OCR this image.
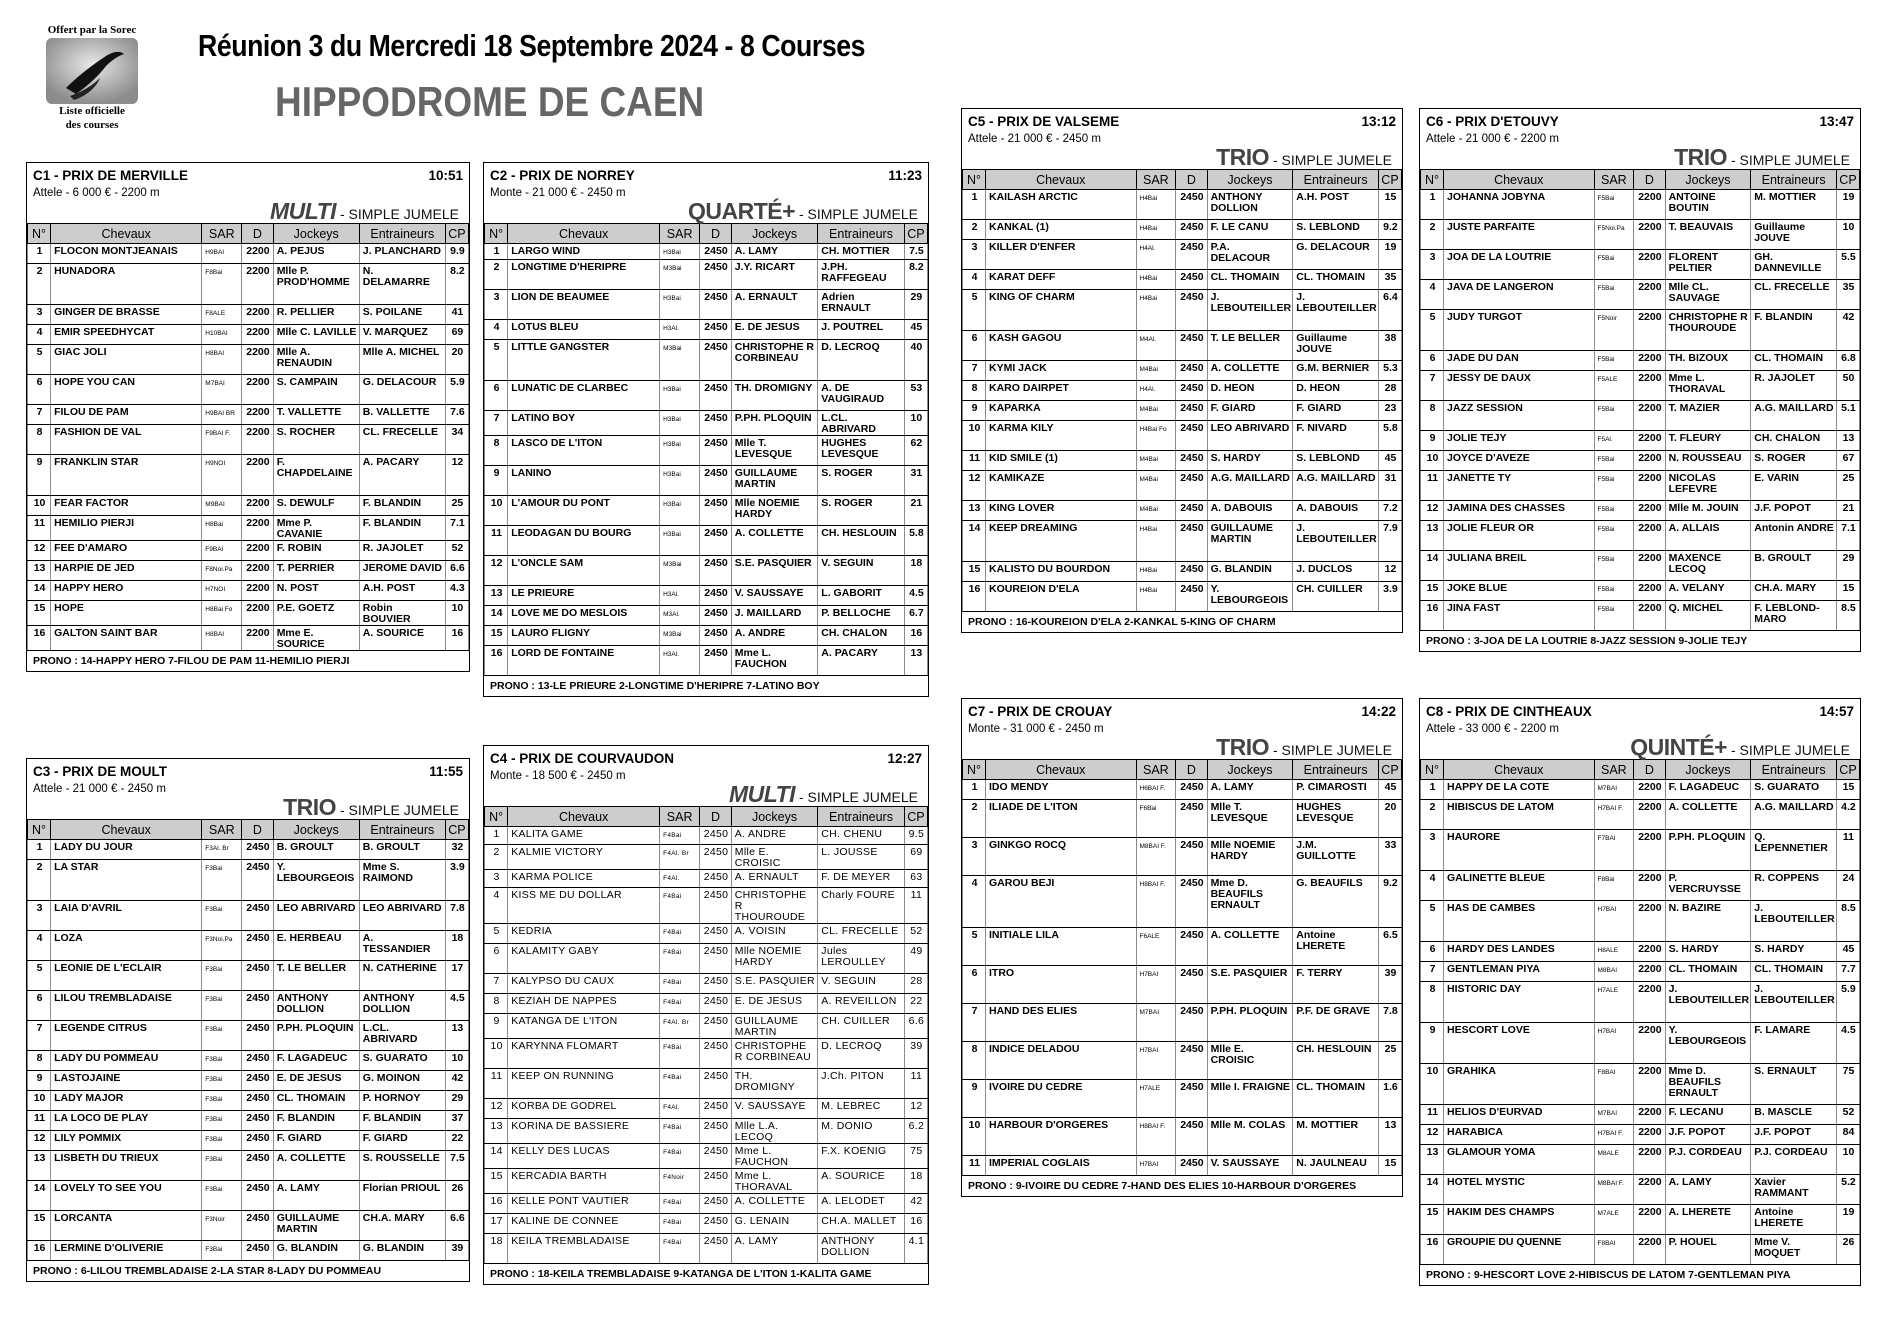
Offert par la Sorec
Liste officielle
des courses
Réunion 3 du Mercredi 18 Septembre 2024 - 8 Courses
HIPPODROME DE CAEN
C1 - PRIX DE MERVILLE	10:51
Attele - 6 000 € - 2200 m
MULTI - SIMPLE JUMELE
N°	Chevaux	SAR	D	Jockeys	Entraineurs	CP
1	FLOCON MONTJEANAIS	H9BAI	2200	A. PEJUS	J. PLANCHARD	9.9
2	HUNADORA	F8Bai	2200	Mlle P. PROD'HOMME	N. DELAMARRE	8.2
3	GINGER DE BRASSE	F8ALE	2200	R. PELLIER	S. POILANE	41
4	EMIR SPEEDHYCAT	H10BAI	2200	Mlle C. LAVILLE	V. MARQUEZ	69
5	GIAC JOLI	H8BAI	2200	Mlle A. RENAUDIN	Mlle A. MICHEL	20
6	HOPE YOU CAN	M7BAI	2200	S. CAMPAIN	G. DELACOUR	5.9
7	FILOU DE PAM	H9BAI BR	2200	T. VALLETTE	B. VALLETTE	7.6
8	FASHION DE VAL	F9BAI F.	2200	S. ROCHER	CL. FRECELLE	34
9	FRANKLIN STAR	H9NOI	2200	F. CHAPDELAINE	A. PACARY	12
10	FEAR FACTOR	M9BAI	2200	S. DEWULF	F. BLANDIN	25
11	HEMILIO PIERJI	H8Bai	2200	Mme P. CAVANIE	F. BLANDIN	7.1
12	FEE D'AMARO	F9BAI	2200	F. ROBIN	R. JAJOLET	52
13	HARPIE DE JED	F8Noi.Pa	2200	T. PERRIER	JEROME DAVID	6.6
14	HAPPY HERO	H7NOI	2200	N. POST	A.H. POST	4.3
15	HOPE	H8Bai Fo	2200	P.E. GOETZ	Robin BOUVIER	10
16	GALTON SAINT BAR	H8BAI	2200	Mme E. SOURICE	A. SOURICE	16
PRONO : 14-HAPPY HERO 7-FILOU DE PAM 11-HEMILIO PIERJI
C2 - PRIX DE NORREY	11:23
Monte - 21 000 € - 2450 m
QUARTÉ+ - SIMPLE JUMELE
N°	Chevaux	SAR	D	Jockeys	Entraineurs	CP
1	LARGO WIND	H3Bai	2450	A. LAMY	CH. MOTTIER	7.5
2	LONGTIME D'HERIPRE	M3Bai	2450	J.Y. RICART	J.PH. RAFFEGEAU	8.2
3	LION DE BEAUMEE	H3Bai	2450	A. ERNAULT	Adrien ERNAULT	29
4	LOTUS BLEU	H3Al.	2450	E. DE JESUS	J. POUTREL	45
5	LITTLE GANGSTER	M3Bai	2450	CHRISTOPHE R CORBINEAU	D. LECROQ	40
6	LUNATIC DE CLARBEC	H3Bai	2450	TH. DROMIGNY	A. DE VAUGIRAUD	53
7	LATINO BOY	H3Bai	2450	P.PH. PLOQUIN	L.CL. ABRIVARD	10
8	LASCO DE L'ITON	H3Bai	2450	Mlle T. LEVESQUE	HUGHES LEVESQUE	62
9	LANINO	H3Bai	2450	GUILLAUME MARTIN	S. ROGER	31
10	L'AMOUR DU PONT	H3Bai	2450	Mlle NOEMIE HARDY	S. ROGER	21
11	LEODAGAN DU BOURG	H3Bai	2450	A. COLLETTE	CH. HESLOUIN	5.8
12	L'ONCLE SAM	M3Bai	2450	S.E. PASQUIER	V. SEGUIN	18
13	LE PRIEURE	H3Al.	2450	V. SAUSSAYE	L. GABORIT	4.5
14	LOVE ME DO MESLOIS	M3Al.	2450	J. MAILLARD	P. BELLOCHE	6.7
15	LAURO FLIGNY	M3Bai	2450	A. ANDRE	CH. CHALON	16
16	LORD DE FONTAINE	H3Al.	2450	Mme L. FAUCHON	A. PACARY	13
PRONO : 13-LE PRIEURE 2-LONGTIME D'HERIPRE 7-LATINO BOY
C3 - PRIX DE MOULT	11:55
Attele - 21 000 € - 2450 m
TRIO - SIMPLE JUMELE
N°	Chevaux	SAR	D	Jockeys	Entraineurs	CP
1	LADY DU JOUR	F3Al. Br	2450	B. GROULT	B. GROULT	32
2	LA STAR	F3Bai	2450	Y. LEBOURGEOIS	Mme S. RAIMOND	3.9
3	LAIA D'AVRIL	F3Bai	2450	LEO ABRIVARD	LEO ABRIVARD	7.8
4	LOZA	F3Noi.Pa	2450	E. HERBEAU	A. TESSANDIER	18
5	LEONIE DE L'ECLAIR	F3Bai	2450	T. LE BELLER	N. CATHERINE	17
6	LILOU TREMBLADAISE	F3Bai	2450	ANTHONY DOLLION	ANTHONY DOLLION	4.5
7	LEGENDE CITRUS	F3Bai	2450	P.PH. PLOQUIN	L.CL. ABRIVARD	13
8	LADY DU POMMEAU	F3Bai	2450	F. LAGADEUC	S. GUARATO	10
9	LASTOJAINE	F3Bai	2450	E. DE JESUS	G. MOINON	42
10	LADY MAJOR	F3Bai	2450	CL. THOMAIN	P. HORNOY	29
11	LA LOCO DE PLAY	F3Bai	2450	F. BLANDIN	F. BLANDIN	37
12	LILY POMMIX	F3Bai	2450	F. GIARD	F. GIARD	22
13	LISBETH DU TRIEUX	F3Bai	2450	A. COLLETTE	S. ROUSSELLE	7.5
14	LOVELY TO SEE YOU	F3Bai	2450	A. LAMY	Florian PRIOUL	26
15	LORCANTA	F3Noir	2450	GUILLAUME MARTIN	CH.A. MARY	6.6
16	LERMINE D'OLIVERIE	F3Bai	2450	G. BLANDIN	G. BLANDIN	39
PRONO : 6-LILOU TREMBLADAISE 2-LA STAR 8-LADY DU POMMEAU
C4 - PRIX DE COURVAUDON	12:27
Monte - 18 500 € - 2450 m
MULTI - SIMPLE JUMELE
N°	Chevaux	SAR	D	Jockeys	Entraineurs	CP
1	KALITA GAME	F4Bai	2450	A. ANDRE	CH. CHENU	9.5
2	KALMIE VICTORY	F4Al. Br	2450	Mlle E. CROISIC	L. JOUSSE	69
3	KARMA POLICE	F4Al.	2450	A. ERNAULT	F. DE MEYER	63
4	KISS ME DU DOLLAR	F4Bai	2450	CHRISTOPHE R THOUROUDE	Charly FOURE	11
5	KEDRIA	F4Bai	2450	A. VOISIN	CL. FRECELLE	52
6	KALAMITY GABY	F4Bai	2450	Mlle NOEMIE HARDY	Jules LEROULLEY	49
7	KALYPSO DU CAUX	F4Bai	2450	S.E. PASQUIER	V. SEGUIN	28
8	KEZIAH DE NAPPES	F4Bai	2450	E. DE JESUS	A. REVEILLON	22
9	KATANGA DE L'ITON	F4Al. Br	2450	GUILLAUME MARTIN	CH. CUILLER	6.6
10	KARYNNA FLOMART	F4Bai	2450	CHRISTOPHE R CORBINEAU	D. LECROQ	39
11	KEEP ON RUNNING	F4Bai	2450	TH. DROMIGNY	J.Ch. PITON	11
12	KORBA DE GODREL	F4Al.	2450	V. SAUSSAYE	M. LEBREC	12
13	KORINA DE BASSIERE	F4Bai	2450	Mlle L.A. LECOQ	M. DONIO	6.2
14	KELLY DES LUCAS	F4Bai	2450	Mme L. FAUCHON	F.X. KOENIG	75
15	KERCADIA BARTH	F4Noir	2450	Mme L. THORAVAL	A. SOURICE	18
16	KELLE PONT VAUTIER	F4Bai	2450	A. COLLETTE	A. LELODET	42
17	KALINE DE CONNEE	F4Bai	2450	G. LENAIN	CH.A. MALLET	16
18	KEILA TREMBLADAISE	F4Bai	2450	A. LAMY	ANTHONY DOLLION	4.1
PRONO : 18-KEILA TREMBLADAISE 9-KATANGA DE L'ITON 1-KALITA GAME
C5 - PRIX DE VALSEME	13:12
Attele - 21 000 € - 2450 m
TRIO - SIMPLE JUMELE
N°	Chevaux	SAR	D	Jockeys	Entraineurs	CP
1	KAILASH ARCTIC	H4Bai	2450	ANTHONY DOLLION	A.H. POST	15
2	KANKAL (1)	H4Bai	2450	F. LE CANU	S. LEBLOND	9.2
3	KILLER D'ENFER	H4Al.	2450	P.A. DELACOUR	G. DELACOUR	19
4	KARAT DEFF	H4Bai	2450	CL. THOMAIN	CL. THOMAIN	35
5	KING OF CHARM	H4Bai	2450	J. LEBOUTEILLER	J. LEBOUTEILLER	6.4
6	KASH GAGOU	M4Al.	2450	T. LE BELLER	Guillaume JOUVE	38
7	KYMI JACK	M4Bai	2450	A. COLLETTE	G.M. BERNIER	5.3
8	KARO DAIRPET	H4Al.	2450	D. HEON	D. HEON	28
9	KAPARKA	M4Bai	2450	F. GIARD	F. GIARD	23
10	KARMA KILY	H4Bai Fo	2450	LEO ABRIVARD	F. NIVARD	5.8
11	KID SMILE (1)	M4Bai	2450	S. HARDY	S. LEBLOND	45
12	KAMIKAZE	M4Bai	2450	A.G. MAILLARD	A.G. MAILLARD	31
13	KING LOVER	M4Bai	2450	A. DABOUIS	A. DABOUIS	7.2
14	KEEP DREAMING	H4Bai	2450	GUILLAUME MARTIN	J. LEBOUTEILLER	7.9
15	KALISTO DU BOURDON	H4Bai	2450	G. BLANDIN	J. DUCLOS	12
16	KOUREION D'ELA	H4Bai	2450	Y. LEBOURGEOIS	CH. CUILLER	3.9
PRONO : 16-KOUREION D'ELA 2-KANKAL 5-KING OF CHARM
C6 - PRIX D'ETOUVY	13:47
Attele - 21 000 € - 2200 m
TRIO - SIMPLE JUMELE
N°	Chevaux	SAR	D	Jockeys	Entraineurs	CP
1	JOHANNA JOBYNA	F5Bai	2200	ANTOINE BOUTIN	M. MOTTIER	19
2	JUSTE PARFAITE	F5Noi.Pa	2200	T. BEAUVAIS	Guillaume JOUVE	10
3	JOA DE LA LOUTRIE	F5Bai	2200	FLORENT PELTIER	GH. DANNEVILLE	5.5
4	JAVA DE LANGERON	F5Bai	2200	Mlle CL. SAUVAGE	CL. FRECELLE	35
5	JUDY TURGOT	F5Noir	2200	CHRISTOPHE R THOUROUDE	F. BLANDIN	42
6	JADE DU DAN	F5Bai	2200	TH. BIZOUX	CL. THOMAIN	6.8
7	JESSY DE DAUX	F5ALE	2200	Mme L. THORAVAL	R. JAJOLET	50
8	JAZZ SESSION	F5Bai	2200	T. MAZIER	A.G. MAILLARD	5.1
9	JOLIE TEJY	F5Al.	2200	T. FLEURY	CH. CHALON	13
10	JOYCE D'AVEZE	F5Bai	2200	N. ROUSSEAU	S. ROGER	67
11	JANETTE TY	F5Bai	2200	NICOLAS LEFEVRE	E. VARIN	25
12	JAMINA DES CHASSES	F5Bai	2200	Mlle M. JOUIN	J.F. POPOT	21
13	JOLIE FLEUR OR	F5Bai	2200	A. ALLAIS	Antonin ANDRE	7.1
14	JULIANA BREIL	F5Bai	2200	MAXENCE LECOQ	B. GROULT	29
15	JOKE BLUE	F5Bai	2200	A. VELANY	CH.A. MARY	15
16	JINA FAST	F5Bai	2200	Q. MICHEL	F. LEBLOND-MARO	8.5
PRONO : 3-JOA DE LA LOUTRIE 8-JAZZ SESSION 9-JOLIE TEJY
C7 - PRIX DE CROUAY	14:22
Monte - 31 000 € - 2450 m
TRIO - SIMPLE JUMELE
N°	Chevaux	SAR	D	Jockeys	Entraineurs	CP
1	IDO MENDY	H6BAI F.	2450	A. LAMY	P. CIMAROSTI	45
2	ILIADE DE L'ITON	F6Bai	2450	Mlle T. LEVESQUE	HUGHES LEVESQUE	20
3	GINKGO ROCQ	M8BAI F.	2450	Mlle NOEMIE HARDY	J.M. GUILLOTTE	33
4	GAROU BEJI	H8BAI F.	2450	Mme D. BEAUFILS ERNAULT	G. BEAUFILS	9.2
5	INITIALE LILA	F6ALE	2450	A. COLLETTE	Antoine LHERETE	6.5
6	ITRO	H7BAI	2450	S.E. PASQUIER	F. TERRY	39
7	HAND DES ELIES	M7BAI	2450	P.PH. PLOQUIN	P.F. DE GRAVE	7.8
8	INDICE DELADOU	H7BAI	2450	Mlle E. CROISIC	CH. HESLOUIN	25
9	IVOIRE DU CEDRE	H7ALE	2450	Mlle I. FRAIGNE	CL. THOMAIN	1.6
10	HARBOUR D'ORGERES	H8BAI F.	2450	Mlle M. COLAS	M. MOTTIER	13
11	IMPERIAL COGLAIS	H7BAI	2450	V. SAUSSAYE	N. JAULNEAU	15
PRONO : 9-IVOIRE DU CEDRE 7-HAND DES ELIES 10-HARBOUR D'ORGERES
C8 - PRIX DE CINTHEAUX	14:57
Attele - 33 000 € - 2200 m
QUINTÉ+ - SIMPLE JUMELE
N°	Chevaux	SAR	D	Jockeys	Entraineurs	CP
1	HAPPY DE LA COTE	M7BAI	2200	F. LAGADEUC	S. GUARATO	15
2	HIBISCUS DE LATOM	H7BAI F.	2200	A. COLLETTE	A.G. MAILLARD	4.2
3	HAURORE	F7BAI	2200	P.PH. PLOQUIN	Q. LEPENNETIER	11
4	GALINETTE BLEUE	F8Bai	2200	P. VERCRUYSSE	R. COPPENS	24
5	HAS DE CAMBES	H7BAI	2200	N. BAZIRE	J. LEBOUTEILLER	8.5
6	HARDY DES LANDES	H8ALE	2200	S. HARDY	S. HARDY	45
7	GENTLEMAN PIYA	M8BAI	2200	CL. THOMAIN	CL. THOMAIN	7.7
8	HISTORIC DAY	H7ALE	2200	J. LEBOUTEILLER	J. LEBOUTEILLER	5.9
9	HESCORT LOVE	H7BAI	2200	Y. LEBOURGEOIS	F. LAMARE	4.5
10	GRAHIKA	F8BAI	2200	Mme D. BEAUFILS ERNAULT	S. ERNAULT	75
11	HELIOS D'EURVAD	M7BAI	2200	F. LECANU	B. MASCLE	52
12	HARABICA	H7BAI F.	2200	J.F. POPOT	J.F. POPOT	84
13	GLAMOUR YOMA	M8ALE	2200	P.J. CORDEAU	P.J. CORDEAU	10
14	HOTEL MYSTIC	M8BAI F.	2200	A. LAMY	Xavier RAMMANT	5.2
15	HAKIM DES CHAMPS	M7ALE	2200	A. LHERETE	Antoine LHERETE	19
16	GROUPIE DU QUENNE	F8BAI	2200	P. HOUEL	Mme V. MOQUET	26
PRONO : 9-HESCORT LOVE 2-HIBISCUS DE LATOM 7-GENTLEMAN PIYA
